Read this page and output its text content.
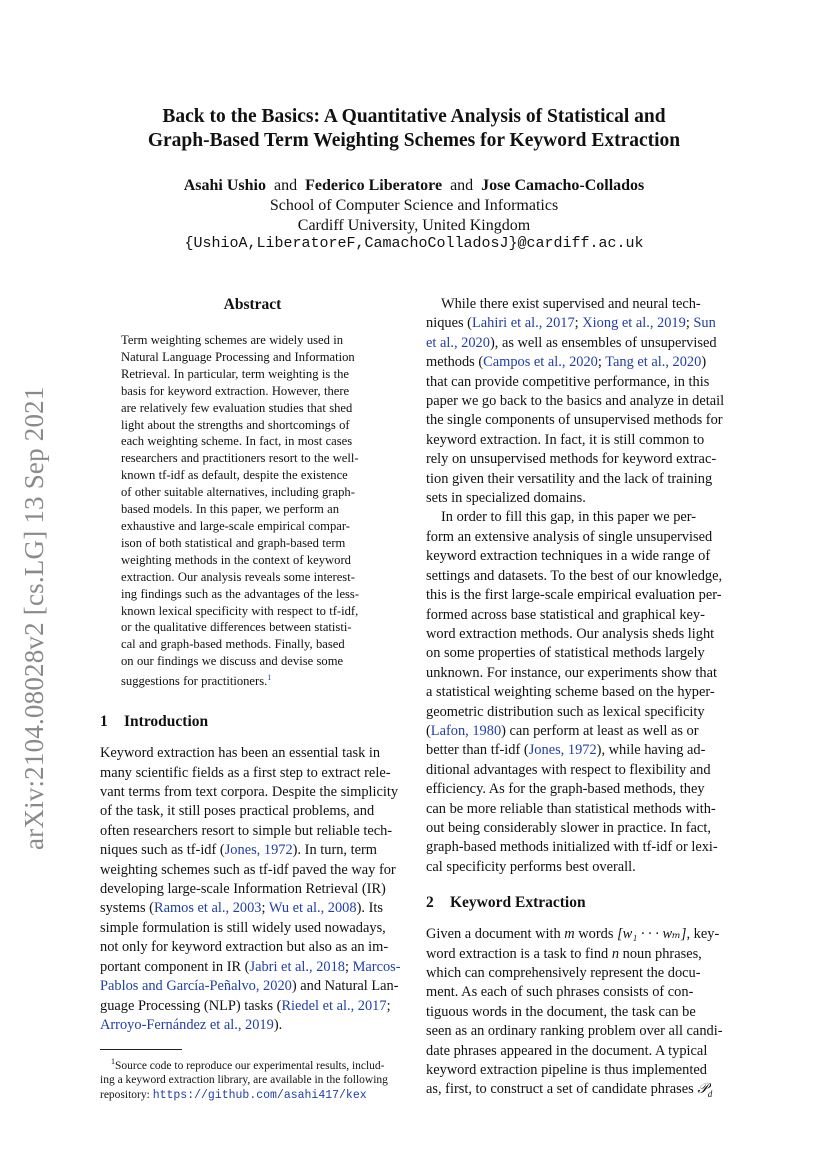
arXiv:2104.08028v2 [cs.LG] 13 Sep 2021
Back to the Basics: A Quantitative Analysis of Statistical and
Graph-Based Term Weighting Schemes for Keyword Extraction
Asahi Ushio and Federico Liberatore and Jose Camacho-Collados
School of Computer Science and Informatics
Cardiff University, United Kingdom
{UshioA,LiberatoreF,CamachoColladosJ}@cardiff.ac.uk
Abstract
Term weighting schemes are widely used in
Natural Language Processing and Information
Retrieval. In particular, term weighting is the
basis for keyword extraction. However, there
are relatively few evaluation studies that shed
light about the strengths and shortcomings of
each weighting scheme. In fact, in most cases
researchers and practitioners resort to the well-
known tf-idf as default, despite the existence
of other suitable alternatives, including graph-
based models. In this paper, we perform an
exhaustive and large-scale empirical compar-
ison of both statistical and graph-based term
weighting methods in the context of keyword
extraction. Our analysis reveals some interest-
ing findings such as the advantages of the less-
known lexical specificity with respect to tf-idf,
or the qualitative differences between statisti-
cal and graph-based methods. Finally, based
on our findings we discuss and devise some
suggestions for practitioners.$^1$
1 Introduction
Keyword extraction has been an essential task in
many scientific fields as a first step to extract rele-
vant terms from text corpora. Despite the simplicity
of the task, it still poses practical problems, and
often researchers resort to simple but reliable tech-
niques such as tf-idf (Jones, 1972). In turn, term
weighting schemes such as tf-idf paved the way for
developing large-scale Information Retrieval (IR)
systems (Ramos et al., 2003; Wu et al., 2008). Its
simple formulation is still widely used nowadays,
not only for keyword extraction but also as an im-
portant component in IR (Jabri et al., 2018; Marcos-
Pablos and García-Peñalvo, 2020) and Natural Lan-
guage Processing (NLP) tasks (Riedel et al., 2017;
Arroyo-Fernández et al., 2019).
$^1$Source code to reproduce our experimental results, includ-
ing a keyword extraction library, are available in the following
repository: https://github.com/asahi417/kex
While there exist supervised and neural tech-
niques (Lahiri et al., 2017; Xiong et al., 2019; Sun
et al., 2020), as well as ensembles of unsupervised
methods (Campos et al., 2020; Tang et al., 2020)
that can provide competitive performance, in this
paper we go back to the basics and analyze in detail
the single components of unsupervised methods for
keyword extraction. In fact, it is still common to
rely on unsupervised methods for keyword extrac-
tion given their versatility and the lack of training
sets in specialized domains.
In order to fill this gap, in this paper we per-
form an extensive analysis of single unsupervised
keyword extraction techniques in a wide range of
settings and datasets. To the best of our knowledge,
this is the first large-scale empirical evaluation per-
formed across base statistical and graphical key-
word extraction methods. Our analysis sheds light
on some properties of statistical methods largely
unknown. For instance, our experiments show that
a statistical weighting scheme based on the hyper-
geometric distribution such as lexical specificity
(Lafon, 1980) can perform at least as well as or
better than tf-idf (Jones, 1972), while having ad-
ditional advantages with respect to flexibility and
efficiency. As for the graph-based methods, they
can be more reliable than statistical methods with-
out being considerably slower in practice. In fact,
graph-based methods initialized with tf-idf or lexi-
cal specificity performs best overall.
2 Keyword Extraction
Given a document with m words [w₁ · · · wₘ], key-
word extraction is a task to find n noun phrases,
which can comprehensively represent the docu-
ment. As each of such phrases consists of con-
tiguous words in the document, the task can be
seen as an ordinary ranking problem over all candi-
date phrases appeared in the document. A typical
keyword extraction pipeline is thus implemented
as, first, to construct a set of candidate phrases 𝒫$_d$
